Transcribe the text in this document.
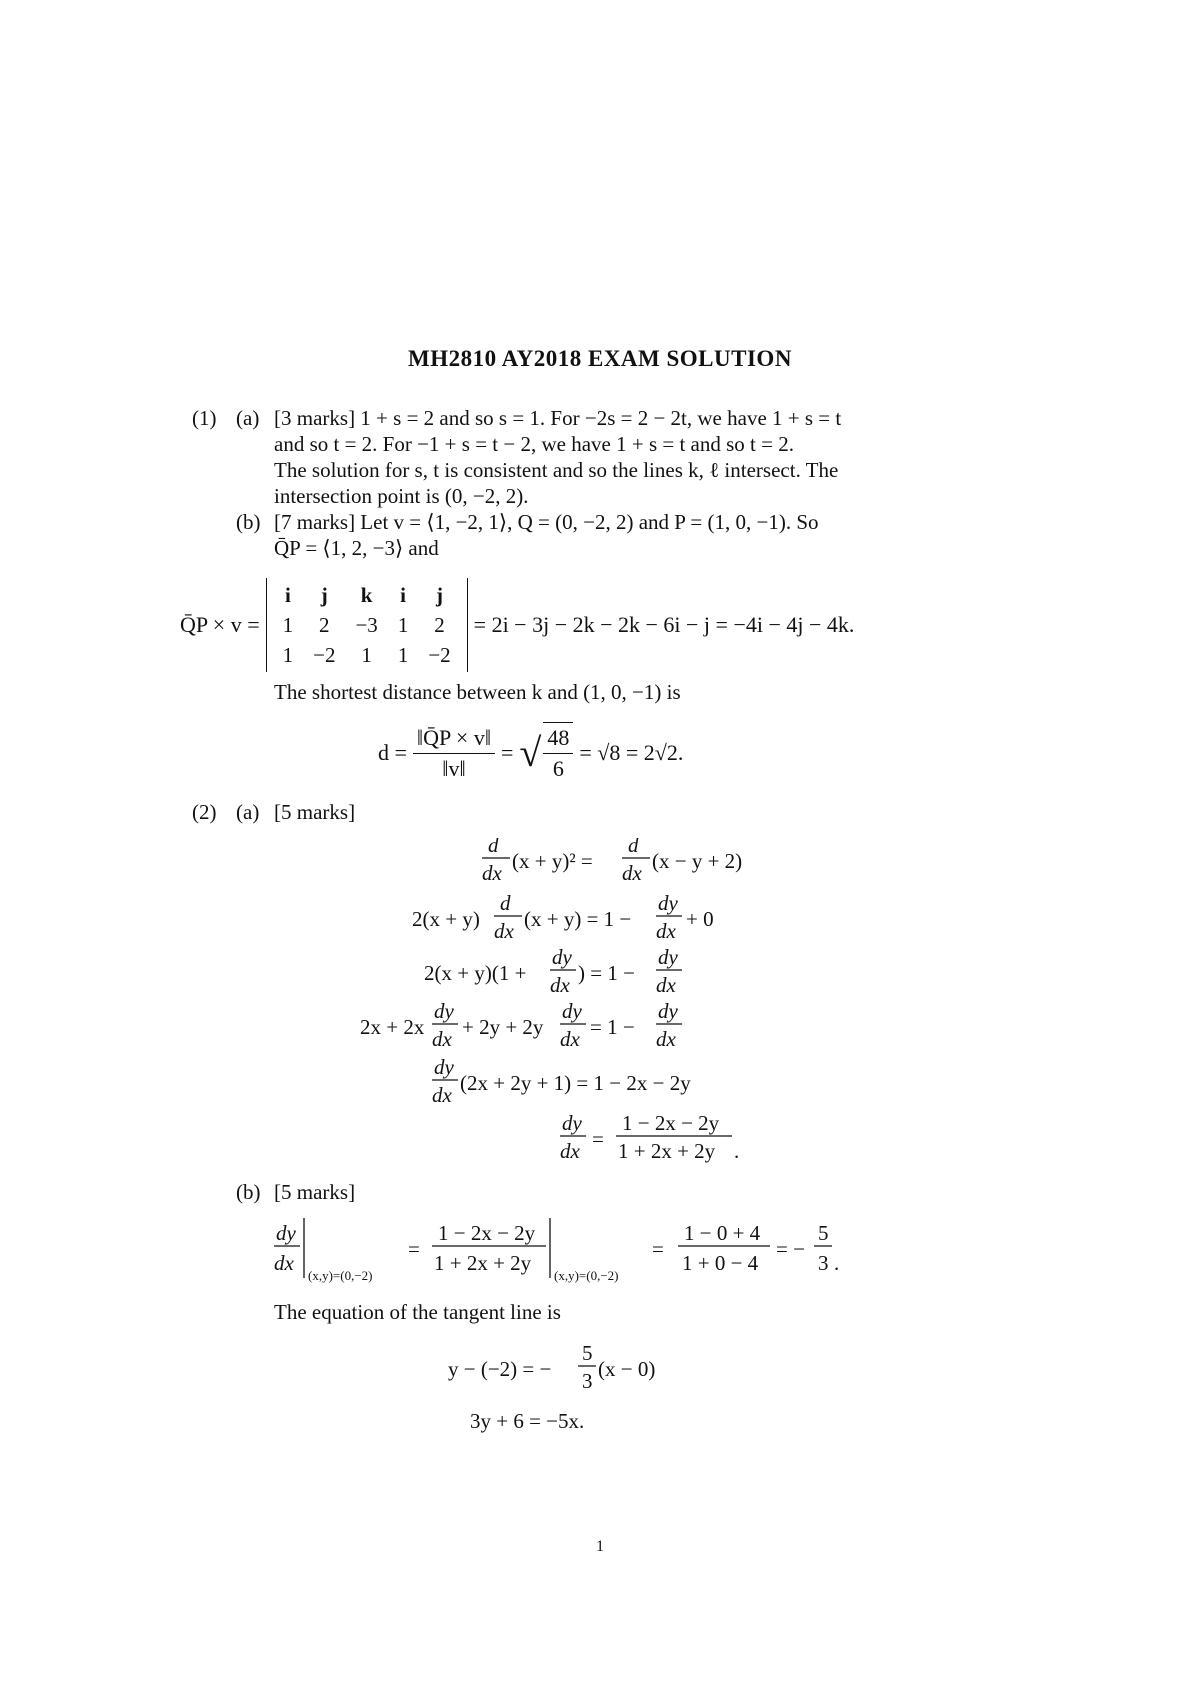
MH2810 AY2018 EXAM SOLUTION
(1) (a) [3 marks] 1 + s = 2 and so s = 1. For −2s = 2 − 2t, we have 1 + s = t
and so t = 2. For −1 + s = t − 2, we have 1 + s = t and so t = 2.
The solution for s, t is consistent and so the lines k, ℓ intersect. The
intersection point is (0, −2, 2).
(b) [7 marks] Let v = ⟨1, −2, 1⟩, Q = (0, −2, 2) and P = (1, 0, −1). So
Q̄P = ⟨1, 2, −3⟩ and
Q̄P × v =
i	j	k	i	j
1	2	−3	1	2
1	−2	1	1	−2
= 2i − 3j − 2k − 2k − 6i − j = −4i − 4j − 4k.
The shortest distance between k and (1, 0, −1) is
$d = \frac{‖Q̄P \times v‖}{‖v‖}$ = √ $\frac{48}{6} = √8 = 2√2$.
(2) (a) [5 marks]
d
dx (x + y)² =
d
dx (x − y + 2)
2(x + y)
d
dx (x + y) = 1 −
dy
dx + 0
2(x + y)(1 +
dy
dx ) = 1 −
dy
dx
2x + 2x
dy
dx + 2y + 2y
dy
dx = 1 −
dy
dx
dy
dx (2x + 2y + 1) = 1 − 2x − 2y
dy
dx =
1 − 2x − 2y
1 + 2x + 2y .
(b) [5 marks]
dy
dx
(x,y)=(0,−2)
=
1 − 2x − 2y
1 + 2x + 2y
(x,y)=(0,−2)
=
1 − 0 + 4
1 + 0 − 4
= −
5
3 .
The equation of the tangent line is
y − (−2) = −
5
3 (x − 0)
3y + 6 = −5x.
1
